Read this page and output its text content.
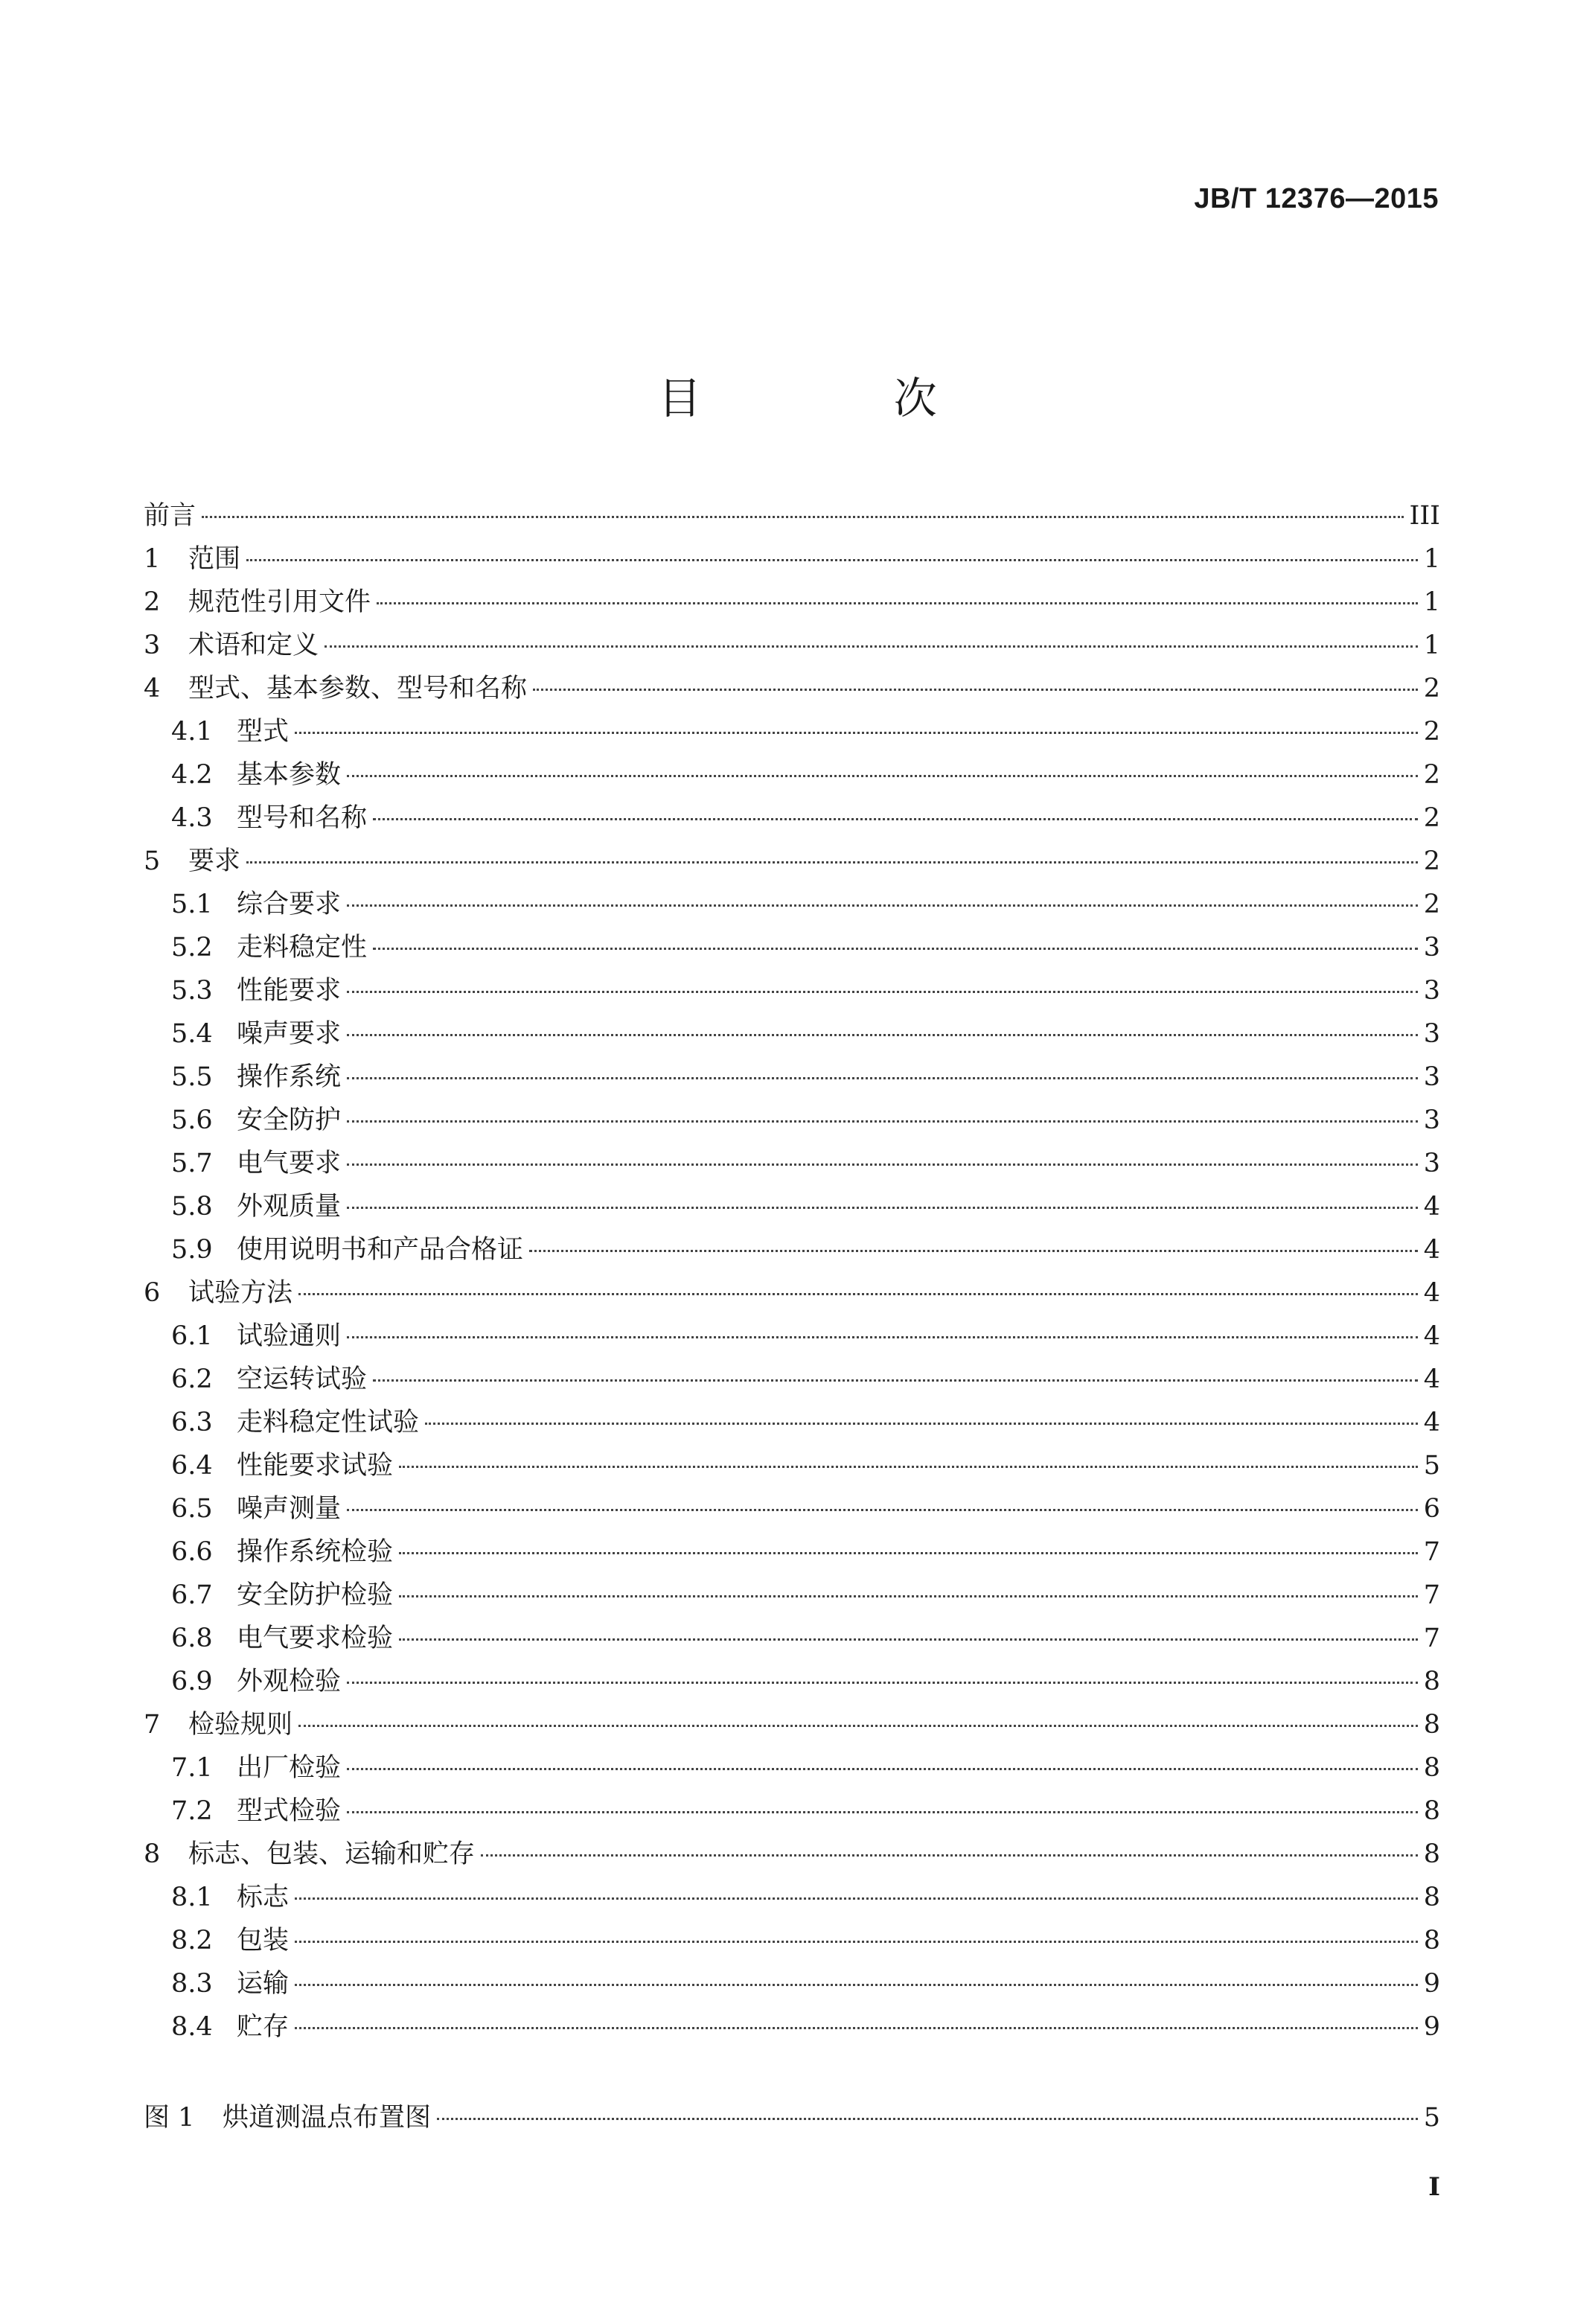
JB/T 12376—2015
目 次
前言	III
1	范围	1
2	规范性引用文件	1
3	术语和定义	1
4	型式、基本参数、型号和名称	2
4.1 型式	2
4.2 基本参数	2
4.3 型号和名称	2
5	要求	2
5.1 综合要求	2
5.2 走料稳定性	3
5.3 性能要求	3
5.4 噪声要求	3
5.5 操作系统	3
5.6 安全防护	3
5.7 电气要求	3
5.8 外观质量	4
5.9 使用说明书和产品合格证	4
6	试验方法	4
6.1 试验通则	4
6.2 空运转试验	4
6.3 走料稳定性试验	4
6.4 性能要求试验	5
6.5 噪声测量	6
6.6 操作系统检验	7
6.7 安全防护检验	7
6.8 电气要求检验	7
6.9 外观检验	8
7	检验规则	8
7.1 出厂检验	8
7.2 型式检验	8
8	标志、包装、运输和贮存	8
8.1 标志	8
8.2 包装	8
8.3 运输	9
8.4 贮存	9
图 1	烘道测温点布置图	5
I
